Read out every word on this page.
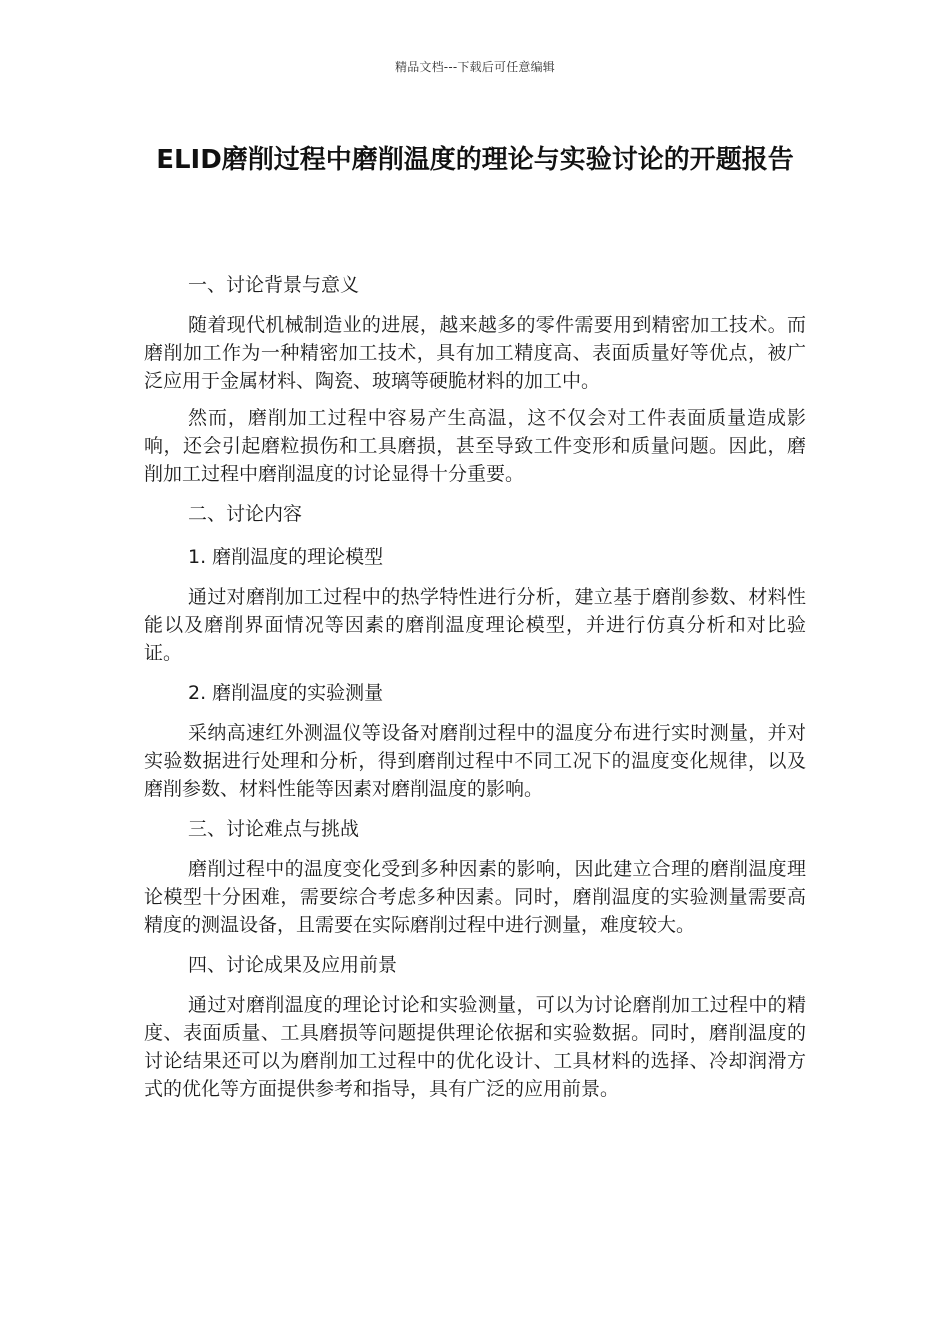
精品文档---下载后可任意编辑
ELID磨削过程中磨削温度的理论与实验讨论的开题报告

一、讨论背景与意义

随着现代机械制造业的进展，越来越多的零件需要用到精密加工技术。而磨削加工作为一种精密加工技术，具有加工精度高、表面质量好等优点，被广泛应用于金属材料、陶瓷、玻璃等硬脆材料的加工中。

然而，磨削加工过程中容易产生高温，这不仅会对工件表面质量造成影响，还会引起磨粒损伤和工具磨损，甚至导致工件变形和质量问题。因此，磨削加工过程中磨削温度的讨论显得十分重要。

二、讨论内容

1. 磨削温度的理论模型

通过对磨削加工过程中的热学特性进行分析，建立基于磨削参数、材料性能以及磨削界面情况等因素的磨削温度理论模型，并进行仿真分析和对比验证。

2. 磨削温度的实验测量

采纳高速红外测温仪等设备对磨削过程中的温度分布进行实时测量，并对实验数据进行处理和分析，得到磨削过程中不同工况下的温度变化规律，以及磨削参数、材料性能等因素对磨削温度的影响。

三、讨论难点与挑战

磨削过程中的温度变化受到多种因素的影响，因此建立合理的磨削温度理论模型十分困难，需要综合考虑多种因素。同时，磨削温度的实验测量需要高精度的测温设备，且需要在实际磨削过程中进行测量，难度较大。

四、讨论成果及应用前景

通过对磨削温度的理论讨论和实验测量，可以为讨论磨削加工过程中的精度、表面质量、工具磨损等问题提供理论依据和实验数据。同时，磨削温度的讨论结果还可以为磨削加工过程中的优化设计、工具材料的选择、冷却润滑方式的优化等方面提供参考和指导，具有广泛的应用前景。
